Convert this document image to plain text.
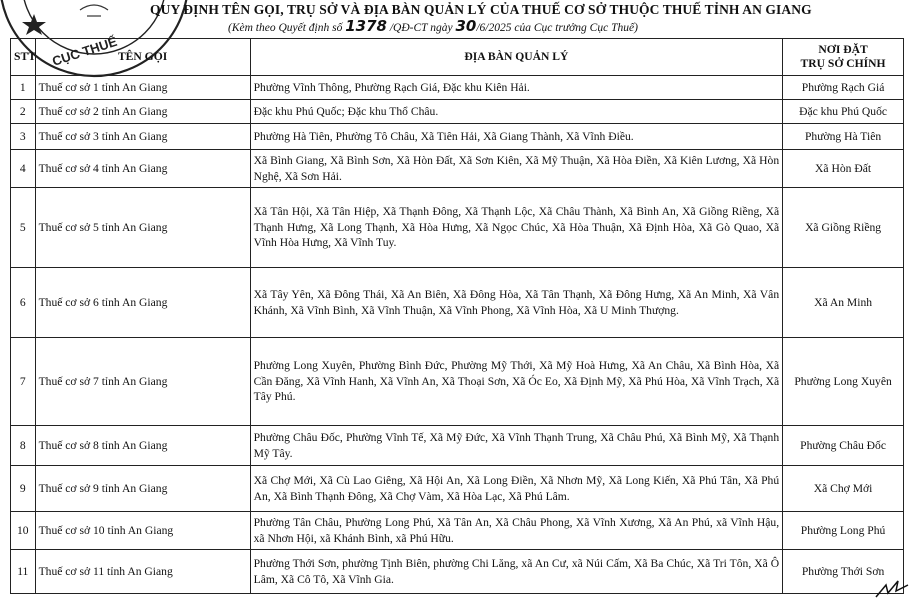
CỤC THUẾ
QUY ĐỊNH TÊN GỌI, TRỤ SỞ VÀ ĐỊA BÀN QUẢN LÝ CỦA THUẾ CƠ SỞ THUỘC THUẾ TỈNH AN GIANG
(Kèm theo Quyết định số 1378 /QĐ-CT ngày 30/6/2025 của Cục trưởng Cục Thuế)
STT	TÊN GỌI	ĐỊA BÀN QUẢN LÝ	NƠI ĐẶT
TRỤ SỞ CHÍNH

1	Thuế cơ sở 1 tỉnh An Giang	Phường Vĩnh Thông, Phường Rạch Giá, Đặc khu Kiên Hải.	Phường Rạch Giá
2	Thuế cơ sở 2 tỉnh An Giang	Đặc khu Phú Quốc; Đặc khu Thổ Châu.	Đặc khu Phú Quốc
3	Thuế cơ sở 3 tỉnh An Giang	Phường Hà Tiên, Phường Tô Châu, Xã Tiên Hải, Xã Giang Thành, Xã Vĩnh Điều.	Phường Hà Tiên
4	Thuế cơ sở 4 tỉnh An Giang	Xã Bình Giang, Xã Bình Sơn, Xã Hòn Đất, Xã Sơn Kiên, Xã Mỹ Thuận, Xã Hòa Điền, Xã Kiên Lương, Xã Hòn Nghệ, Xã Sơn Hải.	Xã Hòn Đất
5	Thuế cơ sở 5 tỉnh An Giang	Xã Tân Hội, Xã Tân Hiệp, Xã Thạnh Đông, Xã Thạnh Lộc, Xã Châu Thành, Xã Bình An, Xã Giồng Riềng, Xã Thạnh Hưng, Xã Long Thạnh, Xã Hòa Hưng, Xã Ngọc Chúc, Xã Hòa Thuận, Xã Định Hòa, Xã Gò Quao, Xã Vĩnh Hòa Hưng, Xã Vĩnh Tuy.	Xã Giồng Riềng
6	Thuế cơ sở 6 tỉnh An Giang	Xã Tây Yên, Xã Đông Thái, Xã An Biên, Xã Đông Hòa, Xã Tân Thạnh, Xã Đông Hưng, Xã An Minh, Xã Vân Khánh, Xã Vĩnh Bình, Xã Vĩnh Thuận, Xã Vĩnh Phong, Xã Vĩnh Hòa, Xã U Minh Thượng.	Xã An Minh
7	Thuế cơ sở 7 tỉnh An Giang	Phường Long Xuyên, Phường Bình Đức, Phường Mỹ Thới, Xã Mỹ Hoà Hưng, Xã An Châu, Xã Bình Hòa, Xã Cần Đăng, Xã Vĩnh Hanh, Xã Vĩnh An, Xã Thoại Sơn, Xã Óc Eo, Xã Định Mỹ, Xã Phú Hòa, Xã Vĩnh Trạch, Xã Tây Phú.	Phường Long Xuyên
8	Thuế cơ sở 8 tỉnh An Giang	Phường Châu Đốc, Phường Vĩnh Tế, Xã Mỹ Đức, Xã Vĩnh Thạnh Trung, Xã Châu Phú, Xã Bình Mỹ, Xã Thạnh Mỹ Tây.	Phường Châu Đốc
9	Thuế cơ sở 9 tỉnh An Giang	Xã Chợ Mới, Xã Cù Lao Giêng, Xã Hội An, Xã Long Điền, Xã Nhơn Mỹ, Xã Long Kiến, Xã Phú Tân, Xã Phú An, Xã Bình Thạnh Đông, Xã Chợ Vàm, Xã Hòa Lạc, Xã Phú Lâm.	Xã Chợ Mới
10	Thuế cơ sở 10 tỉnh An Giang	Phường Tân Châu, Phường Long Phú, Xã Tân An, Xã Châu Phong, Xã Vĩnh Xương, Xã An Phú, xã Vĩnh Hậu, xã Nhơn Hội, xã Khánh Bình, xã Phú Hữu.	Phường Long Phú
11	Thuế cơ sở 11 tỉnh An Giang	Phường Thới Sơn, phường Tịnh Biên, phường Chi Lăng, xã An Cư, xã Núi Cấm, Xã Ba Chúc, Xã Tri Tôn, Xã Ô Lâm, Xã Cô Tô, Xã Vĩnh Gia.	Phường Thới Sơn
